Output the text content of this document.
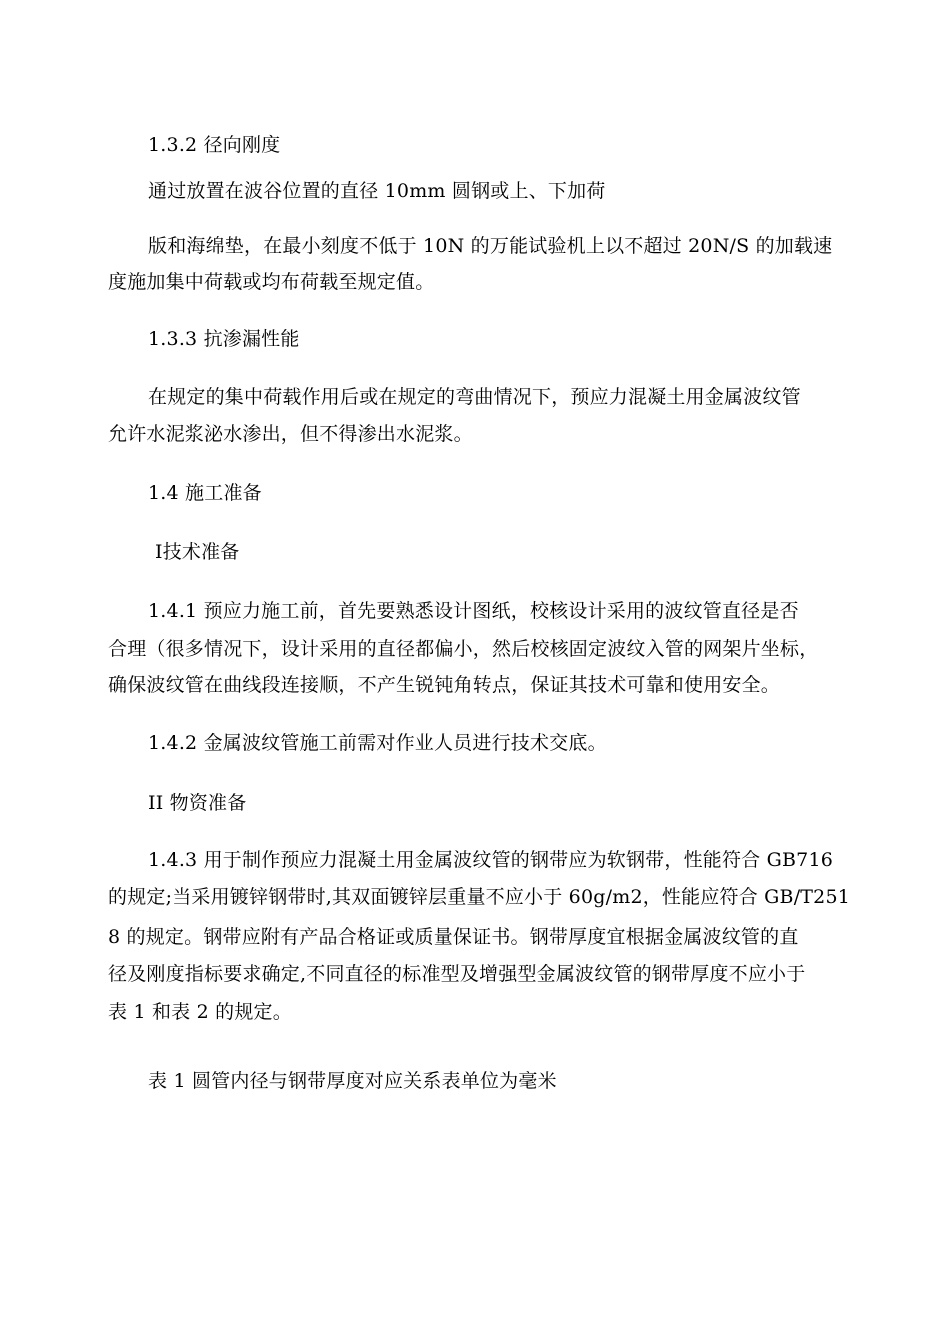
1.3.2 径向刚度
通过放置在波谷位置的直径 10mm 圆钢或上、下加荷
版和海绵垫，在最小刻度不低于 10N 的万能试验机上以不超过 20N/S 的加载速
度施加集中荷载或均布荷载至规定值。
1.3.3 抗渗漏性能
在规定的集中荷载作用后或在规定的弯曲情况下，预应力混凝土用金属波纹管
允许水泥浆泌水渗出，但不得渗出水泥浆。
1.4 施工准备
Ⅰ技术准备
1.4.1 预应力施工前，首先要熟悉设计图纸，校核设计采用的波纹管直径是否
合理（很多情况下，设计采用的直径都偏小，然后校核固定波纹入管的网架片坐标，
确保波纹管在曲线段连接顺，不产生锐钝角转点，保证其技术可靠和使用安全。
1.4.2 金属波纹管施工前需对作业人员进行技术交底。
II 物资准备
1.4.3 用于制作预应力混凝土用金属波纹管的钢带应为软钢带，性能符合 GB716
的规定;当采用镀锌钢带时,其双面镀锌层重量不应小于 60g/m2，性能应符合 GB/T251
8 的规定。钢带应附有产品合格证或质量保证书。钢带厚度宜根据金属波纹管的直
径及刚度指标要求确定,不同直径的标准型及增强型金属波纹管的钢带厚度不应小于
表 1 和表 2 的规定。
表 1 圆管内径与钢带厚度对应关系表单位为毫米
